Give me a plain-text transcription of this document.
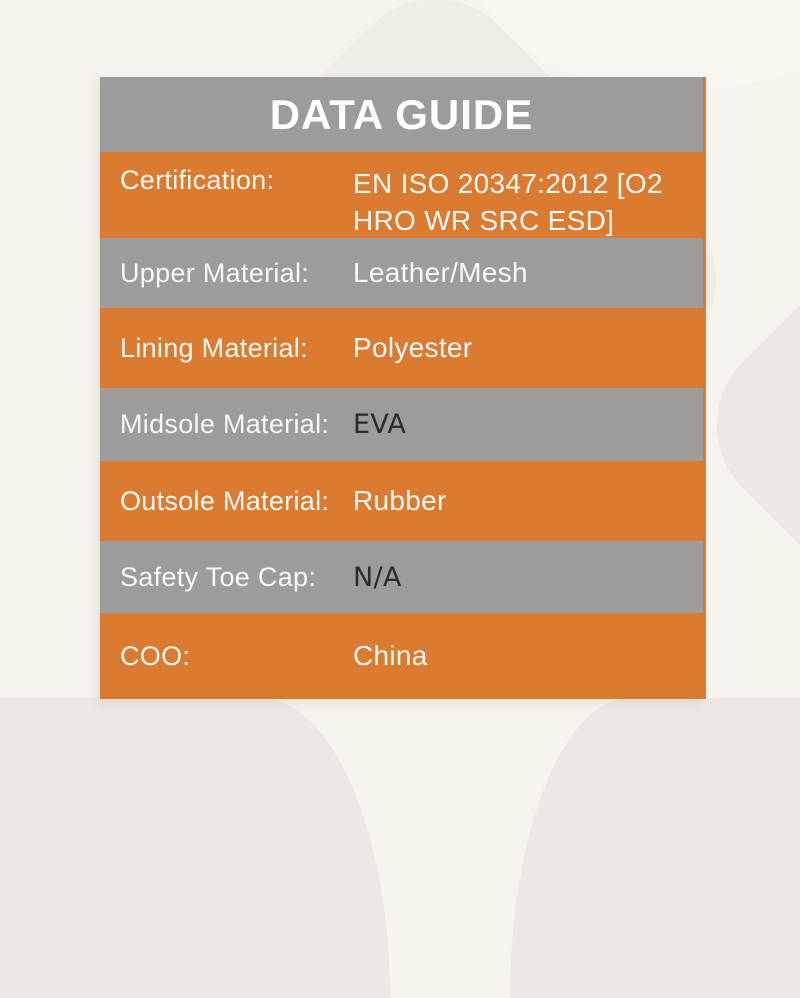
DATA GUIDE
Certification:	EN ISO 20347:2012 [O2
HRO WR SRC ESD]
Upper Material:	Leather/Mesh
Lining Material:	Polyester
Midsole Material: EVA
Outsole Material: Rubber
Safety Toe Cap:	N/A
COO:	China
